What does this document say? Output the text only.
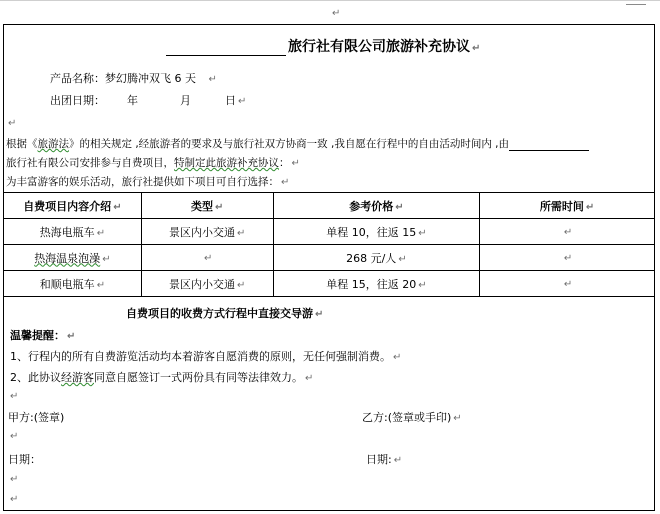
↵
旅行社有限公司旅游补充协议 ↵
产品名称：梦幻腾冲双飞 6 天 ↵
出团日期： 年	月	日 ↵
↵
根据《旅游法》的相关规定 ,经旅游者的要求及与旅行社双方协商一致 ,我自愿在行程中的自由活动时间内 ,由
旅行社有限公司安排参与自费项目，特制定此旅游补充协议： ↵
为丰富游客的娱乐活动，旅行社提供如下项目可自行选择： ↵
自费项目内容介绍 ↵	类型 ↵	参考价格 ↵	所需时间 ↵
热海电瓶车 ↵	景区内小交通 ↵	单程 10，往返 15 ↵	↵
热海温泉泡澡 ↵	↵	268 元/人 ↵	↵
和顺电瓶车 ↵	景区内小交通 ↵	单程 15，往返 20 ↵	↵
自费项目的收费方式行程中直接交导游 ↵
温馨提醒： ↵
1、行程内的所有自费游览活动均本着游客自愿消费的原则，无任何强制消费。 ↵
2、此协议经游客同意自愿签订一式两份具有同等法律效力。 ↵
↵
甲方:(签章)	乙方:(签章或手印) ↵
↵
日期：	日期: ↵
↵
↵
